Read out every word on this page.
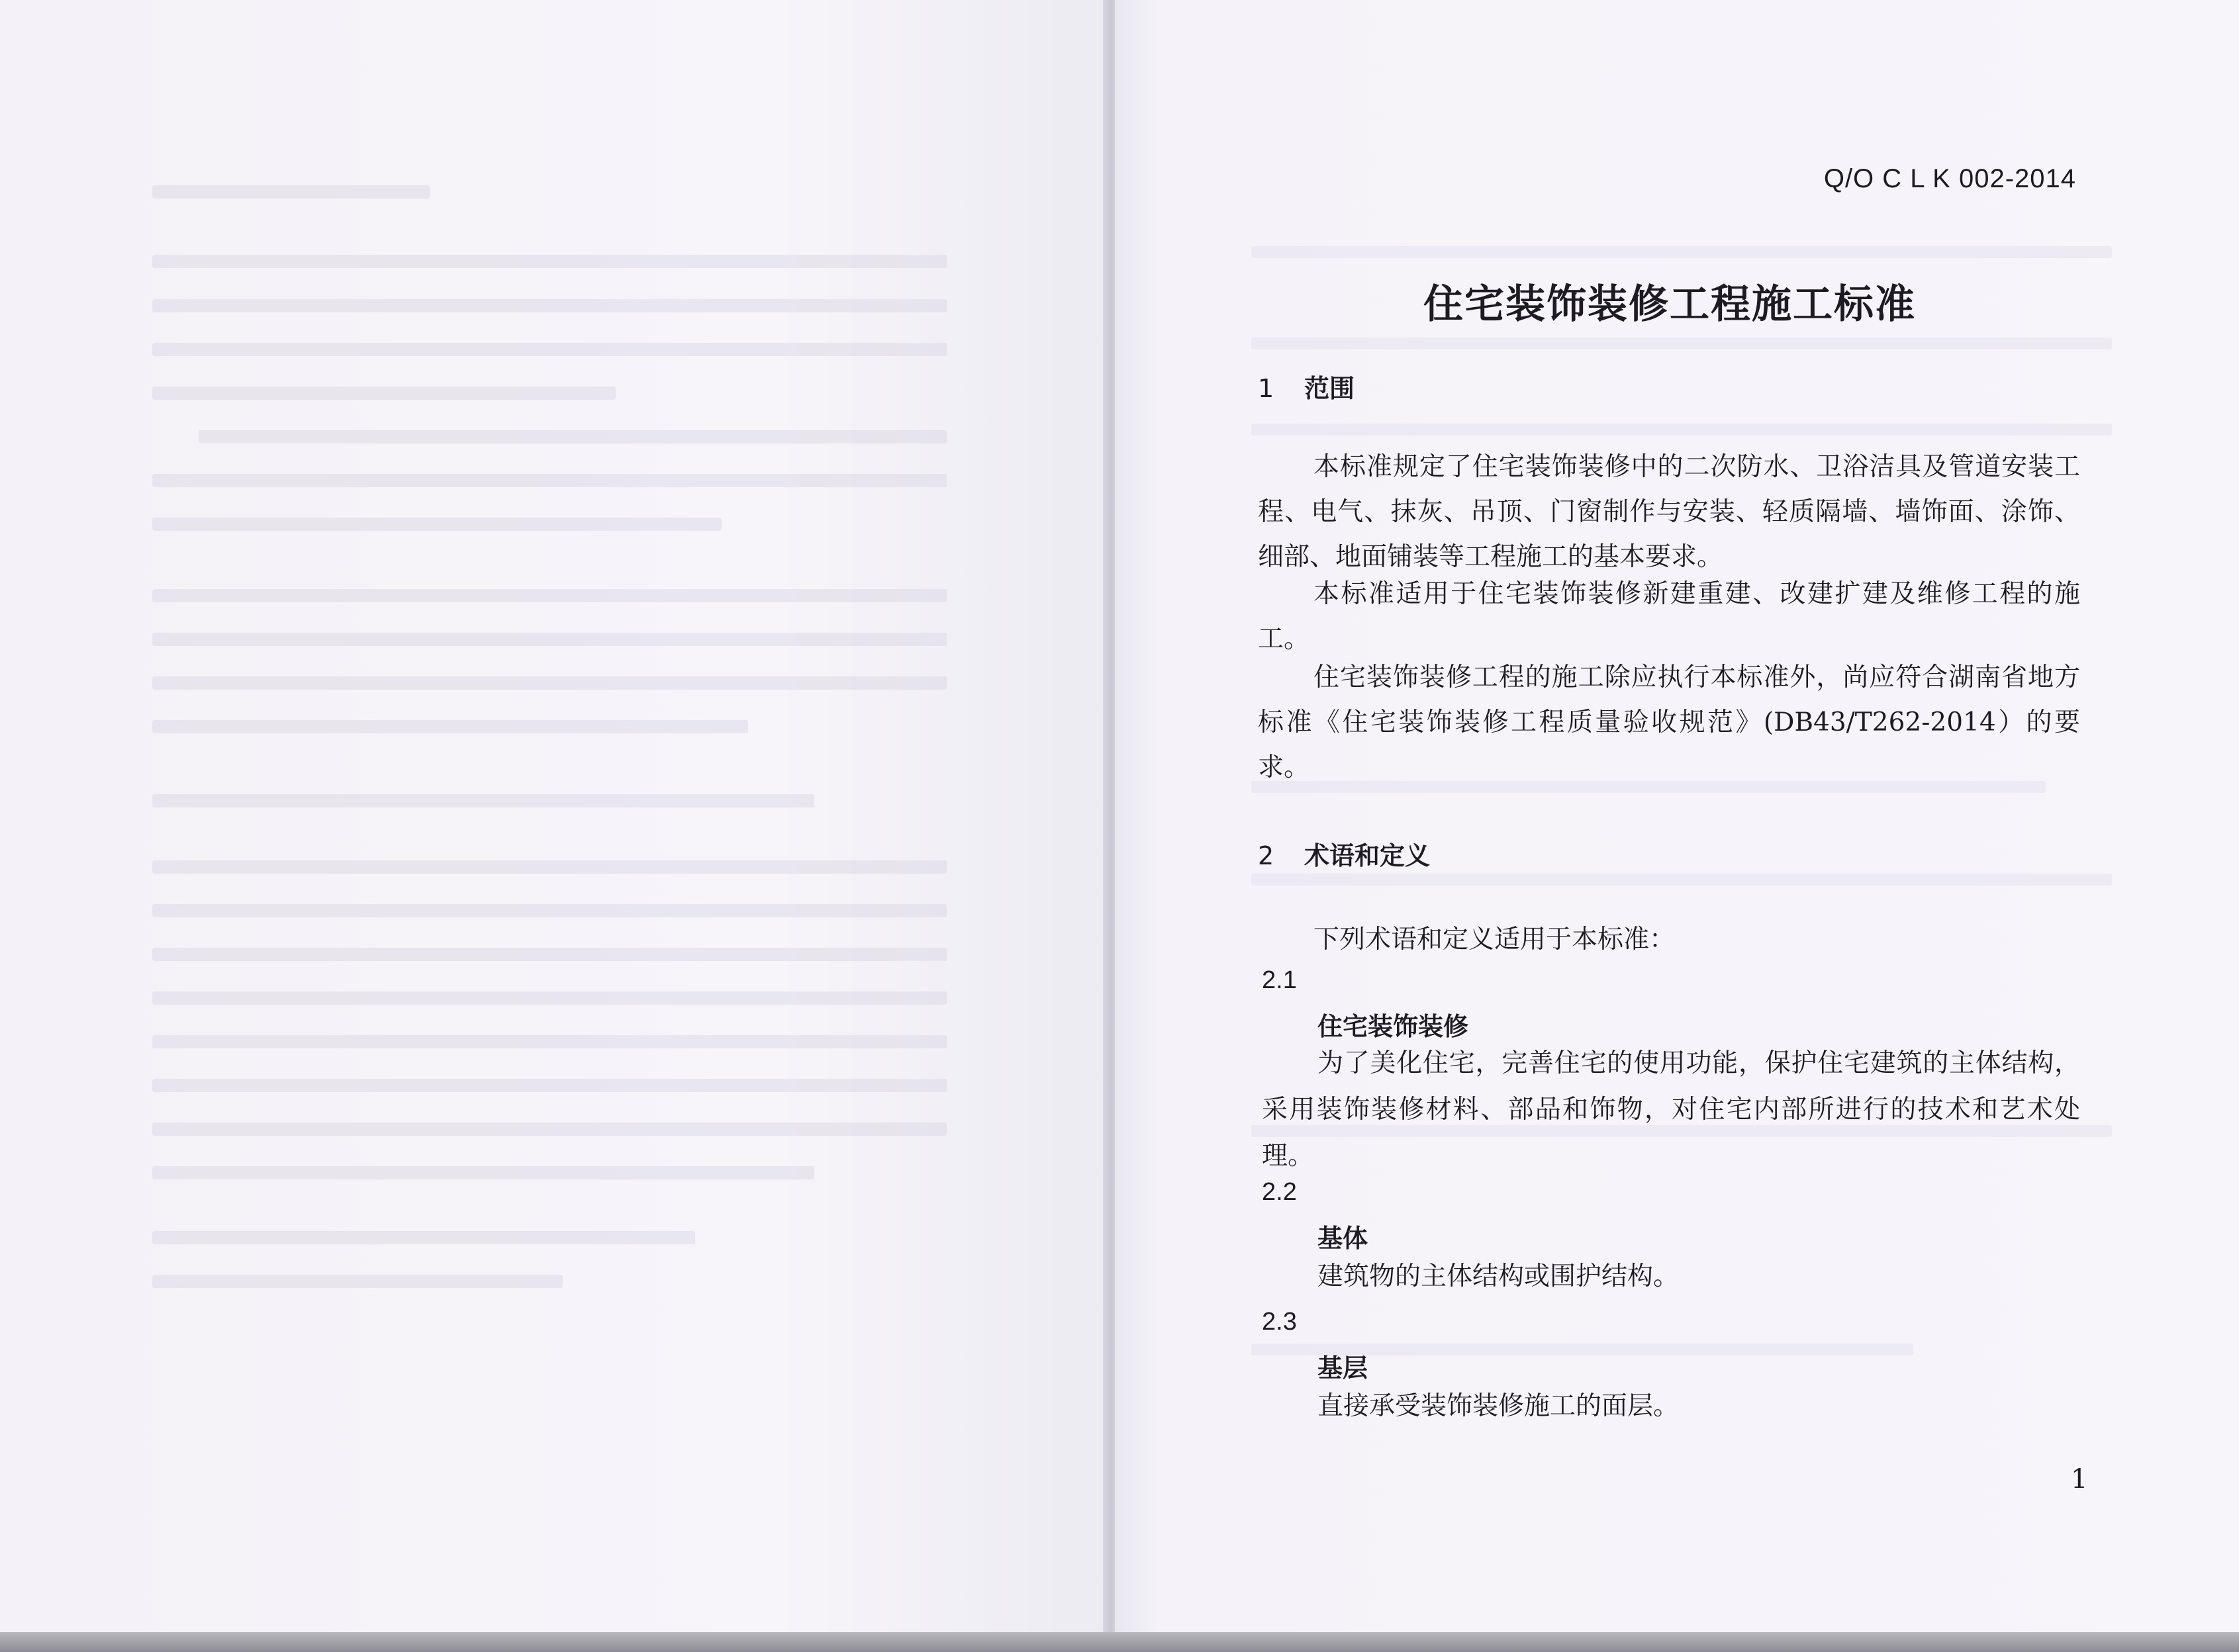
Q/O C L K 002-2014
住宅装饰装修工程施工标准
1 范围
本标准规定了住宅装饰装修中的二次防水、卫浴洁具及管道安装工程、电气、抹灰、吊顶、门窗制作与安装、轻质隔墙、墙饰面、涂饰、细部、地面铺装等工程施工的基本要求。
本标准适用于住宅装饰装修新建重建、改建扩建及维修工程的施工。
住宅装饰装修工程的施工除应执行本标准外，尚应符合湖南省地方标准《住宅装饰装修工程质量验收规范》(DB43/T262-2014）的要求。
2 术语和定义
下列术语和定义适用于本标准：
2.1
住宅装饰装修
为了美化住宅，完善住宅的使用功能，保护住宅建筑的主体结构，采用装饰装修材料、部品和饰物，对住宅内部所进行的技术和艺术处理。
2.2
基体
建筑物的主体结构或围护结构。
2.3
基层
直接承受装饰装修施工的面层。
1
